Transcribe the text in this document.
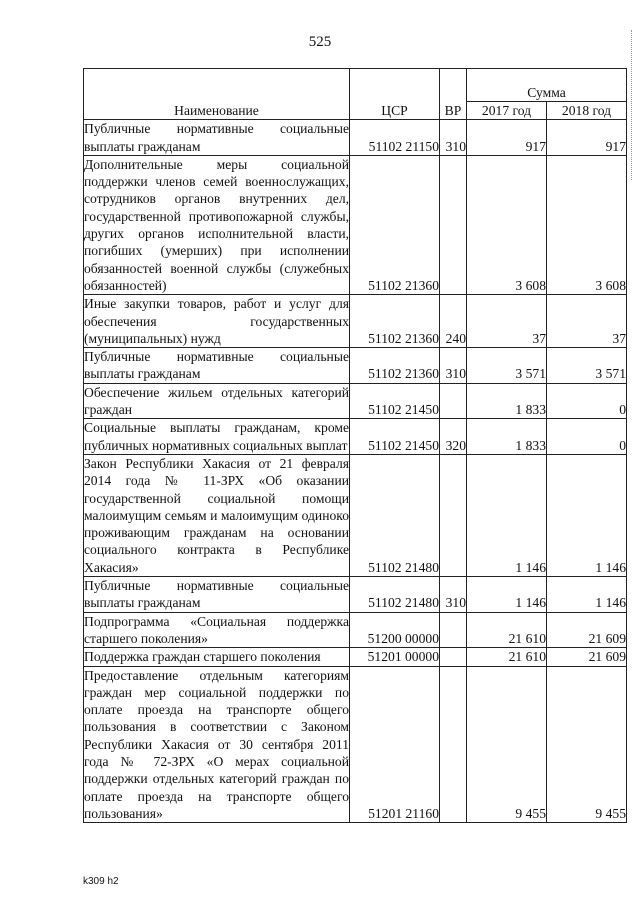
525
Наименование	ЦСР	ВР	Сумма	
			2017 год	2018 год
Публичные нормативные социальные выплаты гражданам	51102 21150	310	917	917
Дополнительные меры социальной поддержки членов семей военнослужащих, сотрудников органов внутренних дел, государственной противопожарной службы, других органов исполнительной власти, погибших (умерших) при исполнении обязанностей военной службы (служебных обязанностей)	51102 21360		3 608	3 608
Иные закупки товаров, работ и услуг для обеспечения государственных (муниципальных) нужд	51102 21360	240	37	37
Публичные нормативные социальные выплаты гражданам	51102 21360	310	3 571	3 571
Обеспечение жильем отдельных категорий граждан	51102 21450		1 833	0
Социальные выплаты гражданам, кроме публичных нормативных социальных выплат	51102 21450	320	1 833	0
Закон Республики Хакасия от 21 февраля 2014 года № 11-ЗРХ «Об оказании государственной социальной помощи малоимущим семьям и малоимущим одиноко проживающим гражданам на основании социального контракта в Республике Хакасия»	51102 21480		1 146	1 146
Публичные нормативные социальные выплаты гражданам	51102 21480	310	1 146	1 146
Подпрограмма «Социальная поддержка старшего поколения»	51200 00000		21 610	21 609
Поддержка граждан старшего поколения	51201 00000		21 610	21 609
Предоставление отдельным категориям граждан мер социальной поддержки по оплате проезда на транспорте общего пользования в соответствии с Законом Республики Хакасия от 30 сентября 2011 года № 72-ЗРХ «О мерах социальной поддержки отдельных категорий граждан по оплате проезда на транспорте общего пользования»	51201 21160		9 455	9 455
k309 h2
